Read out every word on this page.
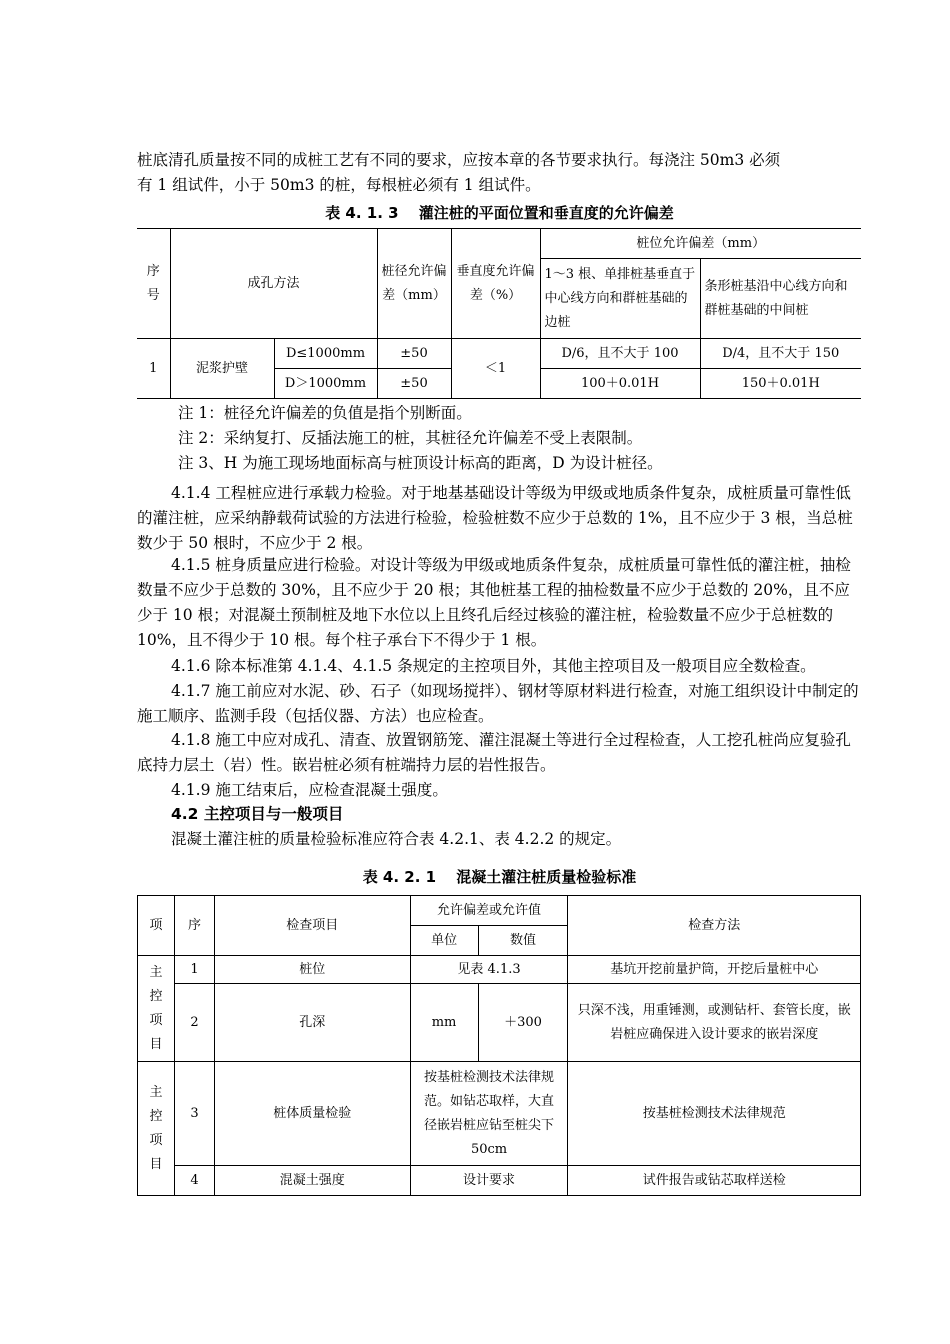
桩底清孔质量按不同的成桩工艺有不同的要求，应按本章的各节要求执行。每浇注 50m3 必须

有 1 组试件，小于 50m3 的桩，每根桩必须有 1 组试件。

表 4. 1. 3　 灌注桩的平面位置和垂直度的允许偏差

序号	成孔方法		桩径允许偏差（mm）	垂直度允许偏差（%）	桩位允许偏差（mm）	
					1～3 根、单排桩基垂直于中心线方向和群桩基础的边桩	条形桩基沿中心线方向和群桩基础的中间桩
1	泥浆护壁	D≤1000mm	±50	＜1	D/6，且不大于 100	D/4，且不大于 150
		D＞1000mm	±50		100＋0.01H	150＋0.01H

注 1：桩径允许偏差的负值是指个别断面。

注 2：采纳复打、反插法施工的桩，其桩径允许偏差不受上表限制。

注 3、H 为施工现场地面标高与桩顶设计标高的距离，D 为设计桩径。

4.1.4 工程桩应进行承载力检验。对于地基基础设计等级为甲级或地质条件复杂，成桩质量可靠性低的灌注桩，应采纳静载荷试验的方法进行检验，检验桩数不应少于总数的 1%，且不应少于 3 根，当总桩数少于 50 根时，不应少于 2 根。

4.1.5 桩身质量应进行检验。对设计等级为甲级或地质条件复杂，成桩质量可靠性低的灌注桩，抽检数量不应少于总数的 30%，且不应少于 20 根；其他桩基工程的抽检数量不应少于总数的 20%，且不应少于 10 根；对混凝土预制桩及地下水位以上且终孔后经过核验的灌注桩，检验数量不应少于总桩数的 10%，且不得少于 10 根。每个柱子承台下不得少于 1 根。

4.1.6 除本标准第 4.1.4、4.1.5 条规定的主控项目外，其他主控项目及一般项目应全数检查。

4.1.7 施工前应对水泥、砂、石子（如现场搅拌）、钢材等原材料进行检查，对施工组织设计中制定的施工顺序、监测手段（包括仪器、方法）也应检查。

4.1.8 施工中应对成孔、清查、放置钢筋笼、灌注混凝土等进行全过程检查，人工挖孔桩尚应复验孔底持力层土（岩）性。嵌岩桩必须有桩端持力层的岩性报告。

4.1.9 施工结束后，应检查混凝土强度。

4.2 主控项目与一般项目

混凝土灌注桩的质量检验标准应符合表 4.2.1、表 4.2.2 的规定。

表 4. 2. 1　 混凝土灌注桩质量检验标准

项	序	检查项目	允许偏差或允许值		检查方法
			单位	数值	
主控项目	1	桩位	见表 4.1.3		基坑开挖前量护筒，开挖后量桩中心
	2	孔深	mm	＋300	只深不浅，用重锤测，或测钻杆、套管长度，嵌岩桩应确保进入设计要求的嵌岩深度
主控项目	3	桩体质量检验	按基桩检测技术法律规范。如钻芯取样，大直径嵌岩桩应钻至桩尖下 50cm		按基桩检测技术法律规范
	4	混凝土强度	设计要求		试件报告或钻芯取样送检
